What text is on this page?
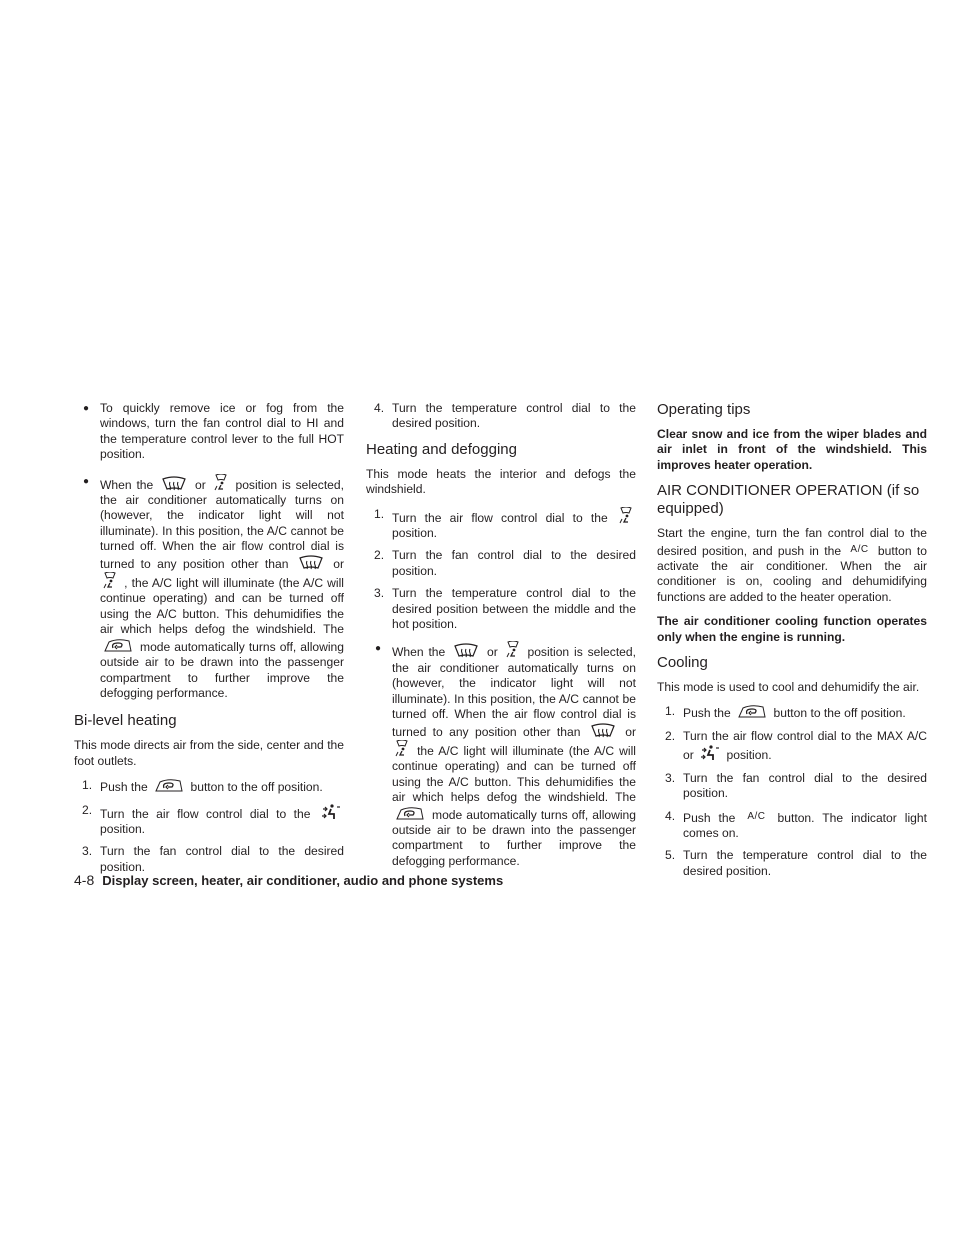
● To quickly remove ice or fog from the windows, turn the fan control dial to HI and the temperature control lever to the full HOT position.
● When the	or position is selected, the air conditioner automatically turns on (however, the indicator light will not illuminate). In this position, the A/C cannot be turned off. When the air flow control dial is turned to any position other than	or
, the A/C light will illuminate (the A/C will continue operating) and can be turned off using the A/C button. This dehumidifies the air which helps defog the windshield. The
mode automatically turns off, allowing outside air to be drawn into the passenger compartment to further improve the defogging performance.
Bi-level heating

This mode directs air from the side, center and the foot outlets.

1. Push the	button to the off position.
2. Turn the air flow control dial to the
position.
3. Turn the fan control dial to the desired position.
4. Turn the temperature control dial to the desired position.
Heating and defogging

This mode heats the interior and defogs the windshield.

1. Turn the air flow control dial to the
position.
2. Turn the fan control dial to the desired position.
3. Turn the temperature control dial to the desired position between the middle and the hot position.
● When the	or position is selected, the air conditioner automatically turns on (however, the indicator light will not illuminate). In this position, the A/C cannot be turned off. When the air flow control dial is turned to any position other than	or
the A/C light will illuminate (the A/C will continue operating) and can be turned off using the A/C button. This dehumidifies the air which helps defog the windshield. The
mode automatically turns off, allowing outside air to be drawn into the passenger compartment to further improve the defogging performance.
Operating tips

Clear snow and ice from the wiper blades and air inlet in front of the windshield. This improves heater operation.

AIR CONDITIONER OPERATION (if so equipped)

Start the engine, turn the fan control dial to the desired position, and push in the A/C button to activate the air conditioner. When the air conditioner is on, cooling and dehumidifying functions are added to the heater operation.

The air conditioner cooling function operates only when the engine is running.

Cooling

This mode is used to cool and dehumidify the air.

1. Push the	button to the off position.
2. Turn the air flow control dial to the MAX A/C or	position.
3. Turn the fan control dial to the desired position.
4. Push the A/C button. The indicator light comes on.
5. Turn the temperature control dial to the desired position.
4-8 Display screen, heater, air conditioner, audio and phone systems
